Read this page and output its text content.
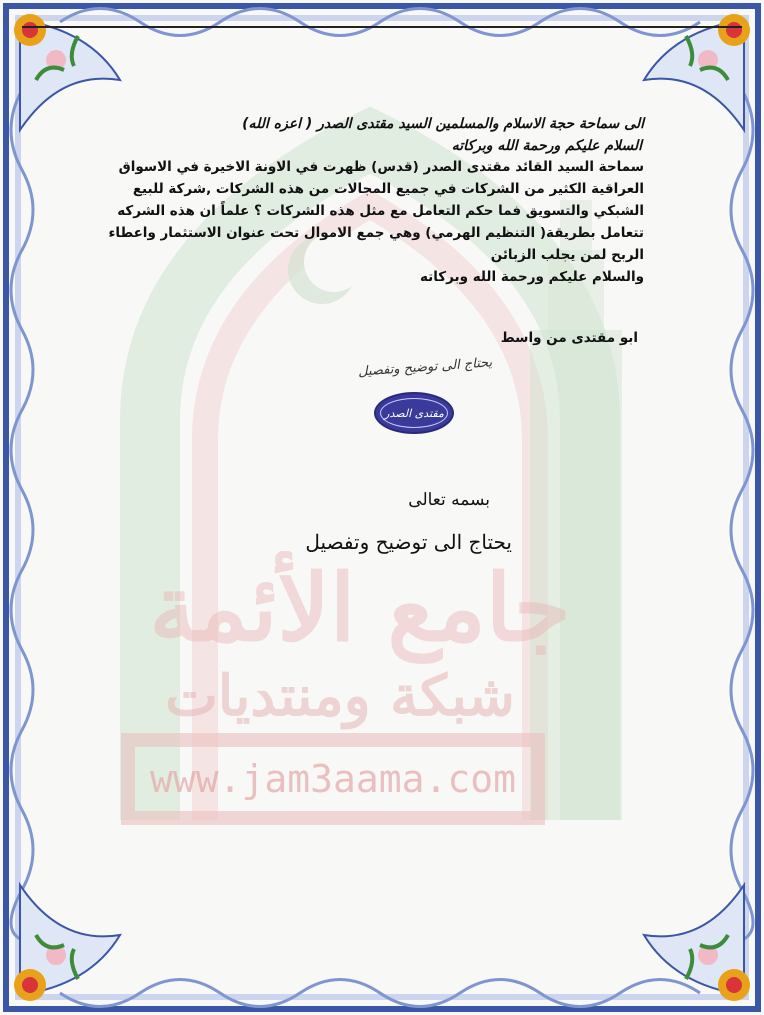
جامع الأئمة
شبكة ومنتديات
www.jam3aama.com
الى سماحة حجة الاسلام والمسلمين السيد مقتدى الصدر ( اعزه الله)
السلام عليكم ورحمة الله وبركاته
سماحة السيد القائد مقتدى الصدر (قدس) ظهرت في الاونة الاخيرة في الاسواق
العراقية الكثير من الشركات في جميع المجالات من هذه الشركات ,شركة للبيع
الشبكي والتسويق فما حكم التعامل مع مثل هذه الشركات ؟ علماً ان هذه الشركه
تتعامل بطريقة( التنظيم الهرمي) وهي جمع الاموال تحت عنوان الاستثمار واعطاء
الربح لمن يجلب الزبائن
والسلام عليكم ورحمة الله وبركاته
ابو مقتدى من واسط
يحتاج الى توضيح وتفصيل
مقتدى الصدر
بسمه تعالى
يحتاج الى توضيح وتفصيل
